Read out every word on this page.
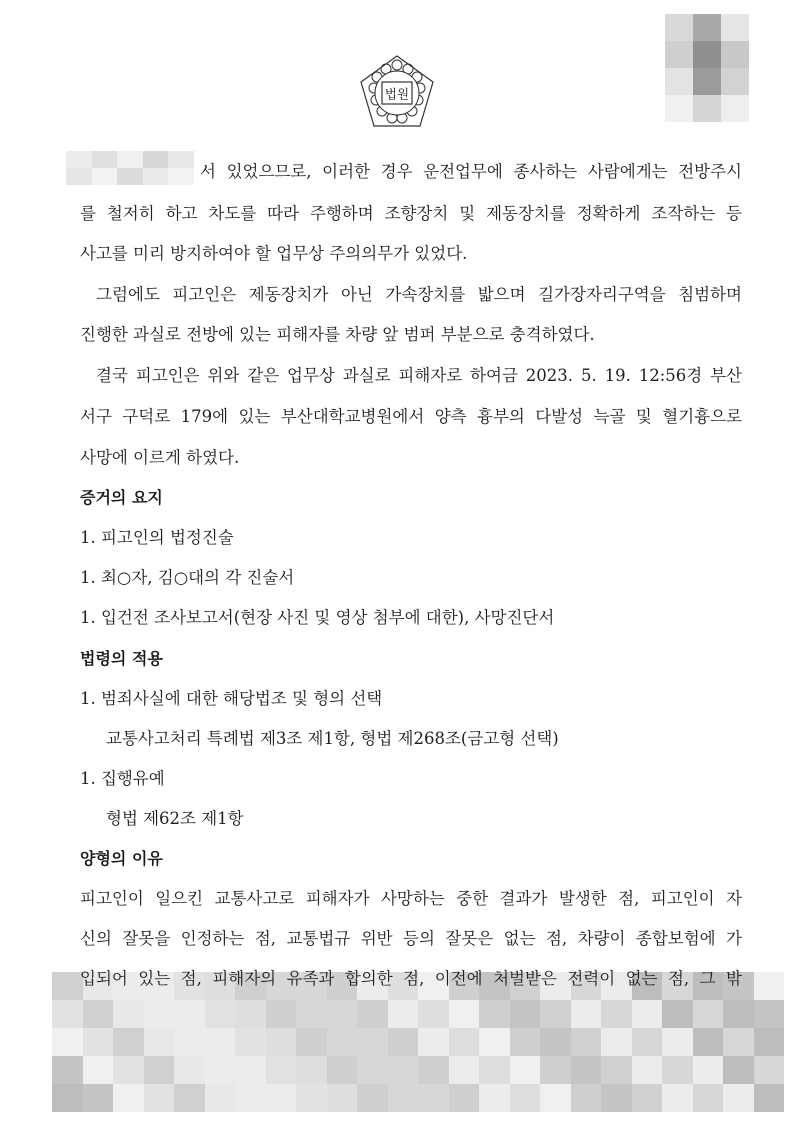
법원
서 있었으므로, 이러한 경우 운전업무에 종사하는 사람에게는 전방주시
를 철저히 하고 차도를 따라 주행하며 조향장치 및 제동장치를 정확하게 조작하는 등
사고를 미리 방지하여야 할 업무상 주의의무가 있었다.
그럼에도 피고인은 제동장치가 아닌 가속장치를 밟으며 길가장자리구역을 침범하며
진행한 과실로 전방에 있는 피해자를 차량 앞 범퍼 부분으로 충격하였다.
결국 피고인은 위와 같은 업무상 과실로 피해자로 하여금 2023. 5. 19. 12:56경 부산
서구 구덕로 179에 있는 부산대학교병원에서 양측 흉부의 다발성 늑골 및 혈기흉으로
사망에 이르게 하였다.
증거의 요지
1. 피고인의 법정진술
1. 최○자, 김○대의 각 진술서
1. 입건전 조사보고서(현장 사진 및 영상 첨부에 대한), 사망진단서
법령의 적용
1. 범죄사실에 대한 해당법조 및 형의 선택
교통사고처리 특례법 제3조 제1항, 형법 제268조(금고형 선택)
1. 집행유예
형법 제62조 제1항
양형의 이유
피고인이 일으킨 교통사고로 피해자가 사망하는 중한 결과가 발생한 점, 피고인이 자
신의 잘못을 인정하는 점, 교통법규 위반 등의 잘못은 없는 점, 차량이 종합보험에 가
입되어 있는 점, 피해자의 유족과 합의한 점, 이전에 처벌받은 전력이 없는 점, 그 밖
